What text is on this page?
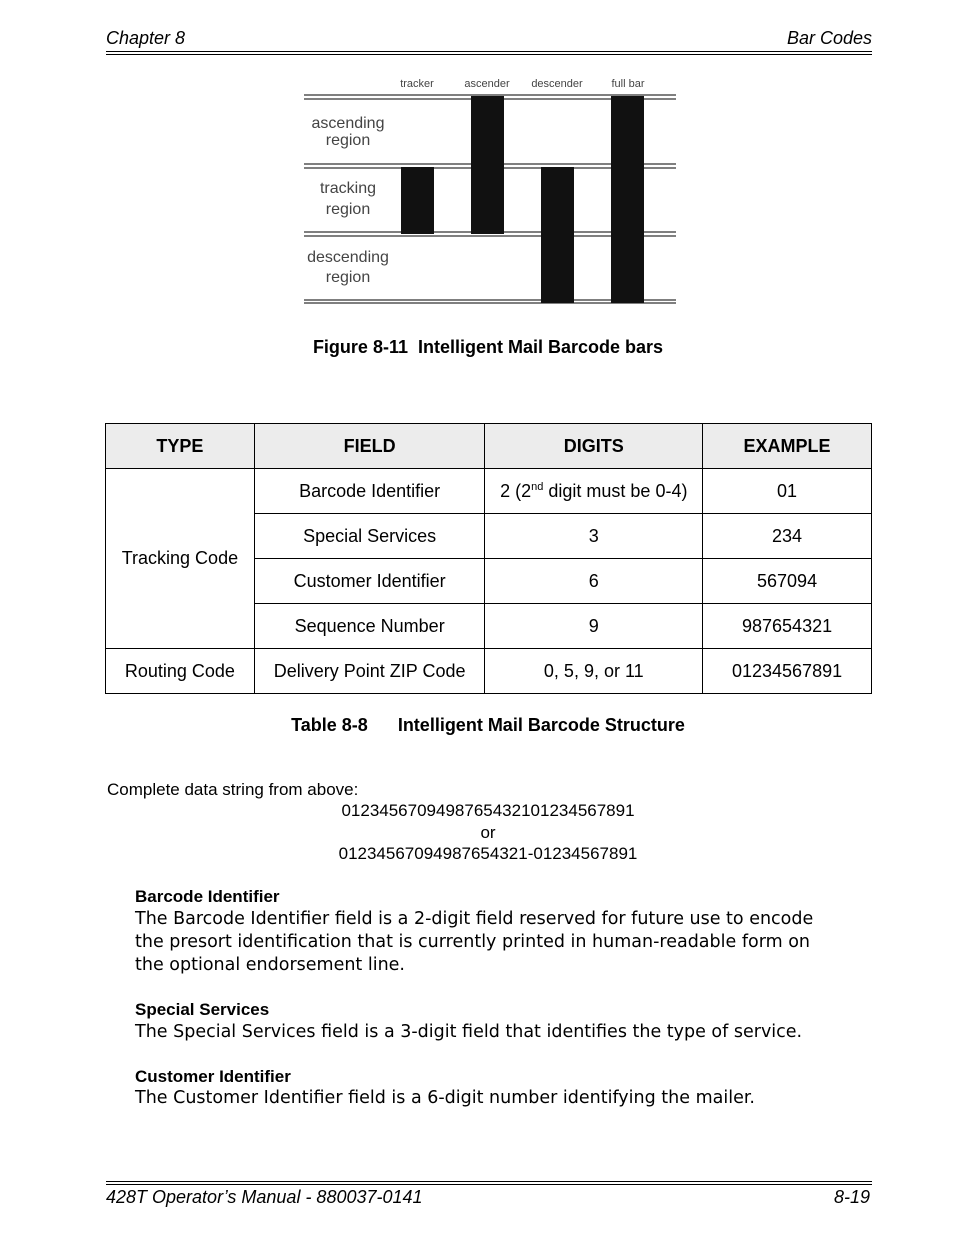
Chapter 8	Bar Codes
tracker	ascender descender	full bar
ascending
region
tracking
region
descending
region
Figure 8-11 Intelligent Mail Barcode bars
TYPE	FIELD	DIGITS	EXAMPLE
Tracking Code	Barcode Identifier	2 (2nd digit must be 0-4)	01
	Special Services	3	234
	Customer Identifier	6	567094
	Sequence Number	9	987654321
Routing Code	Delivery Point ZIP Code	0, 5, 9, or 11	01234567891
Table 8-8 Intelligent Mail Barcode Structure
Complete data string from above:
0123456709498765432101234567891
or
01234567094987654321-01234567891
Barcode Identifier
The Barcode Identifier field is a 2-digit field reserved for future use to encode
the presort identification that is currently printed in human-readable form on
the optional endorsement line.
Special Services
The Special Services field is a 3-digit field that identifies the type of service.
Customer Identifier
The Customer Identifier field is a 6-digit number identifying the mailer.
428T Operator’s Manual - 880037-0141	8-19
